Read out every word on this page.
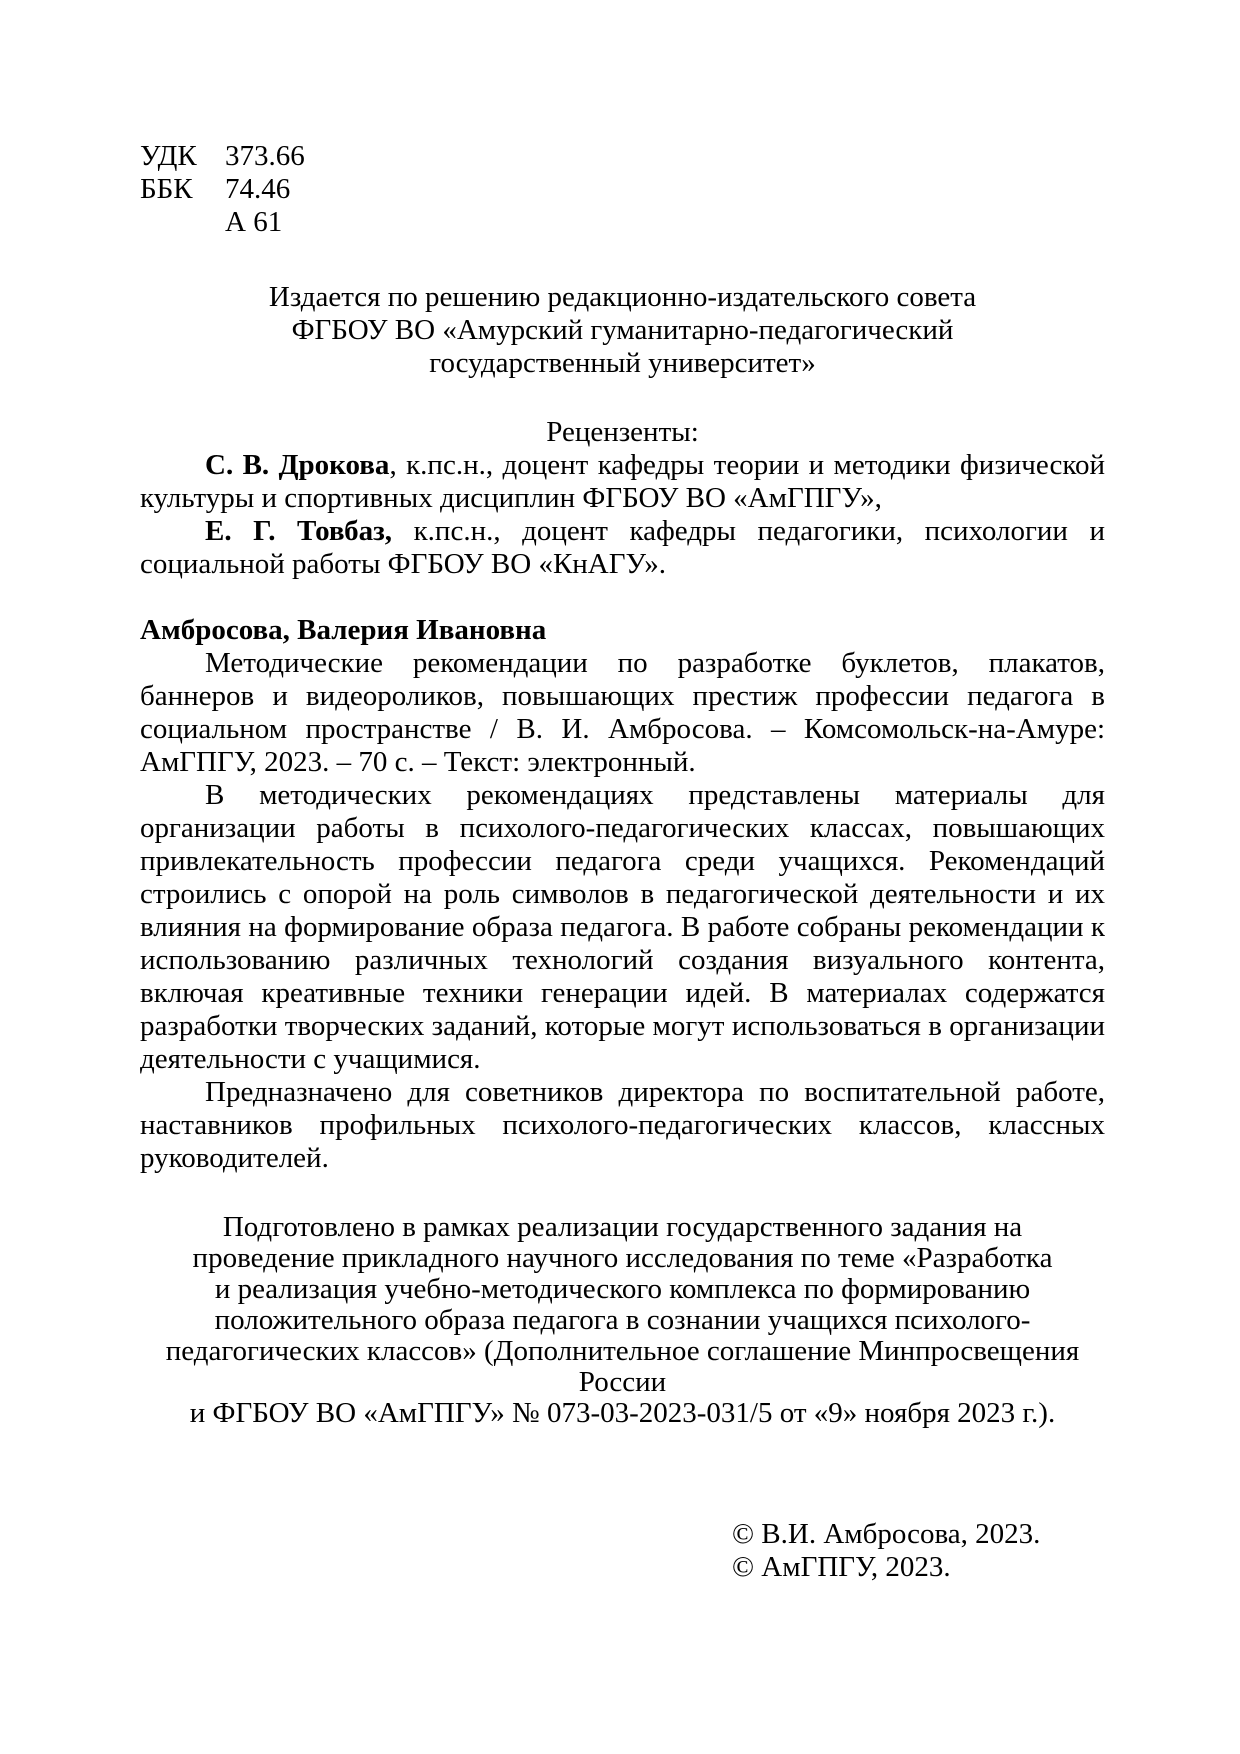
УДК 373.66
ББК 74.46
А 61
Издается по решению редакционно-издательского совета
ФГБОУ ВО «Амурский гуманитарно-педагогический
государственный университет»
Рецензенты:

С. В. Дрокова, к.пс.н., доцент кафедры теории и методики физической культуры и спортивных дисциплин ФГБОУ ВО «АмГПГУ»,

Е. Г. Товбаз, к.пс.н., доцент кафедры педагогики, психологии и социальной работы ФГБОУ ВО «КнАГУ».

Амбросова, Валерия Ивановна

Методические рекомендации по разработке буклетов, плакатов, баннеров и видеороликов, повышающих престиж профессии педагога в социальном пространстве / В. И. Амбросова. – Комсомольск-на-Амуре: АмГПГУ, 2023. – 70 с. – Текст: электронный.

В методических рекомендациях представлены материалы для организации работы в психолого-педагогических классах, повышающих привлекательность профессии педагога среди учащихся. Рекомендаций строились с опорой на роль символов в педагогической деятельности и их влияния на формирование образа педагога. В работе собраны рекомендации к использованию различных технологий создания визуального контента, включая креативные техники генерации идей. В материалах содержатся разработки творческих заданий, которые могут использоваться в организации деятельности с учащимися.

Предназначено для советников директора по воспитательной работе, наставников профильных психолого-педагогических классов, классных руководителей.

Подготовлено в рамках реализации государственного задания на
проведение прикладного научного исследования по теме «Разработка
и реализация учебно-методического комплекса по формированию
положительного образа педагога в сознании учащихся психолого-
педагогических классов» (Дополнительное соглашение Минпросвещения России
и ФГБОУ ВО «АмГПГУ» № 073-03-2023-031/5 от «9» ноября 2023 г.).
© В.И. Амбросова, 2023.
© АмГПГУ, 2023.
